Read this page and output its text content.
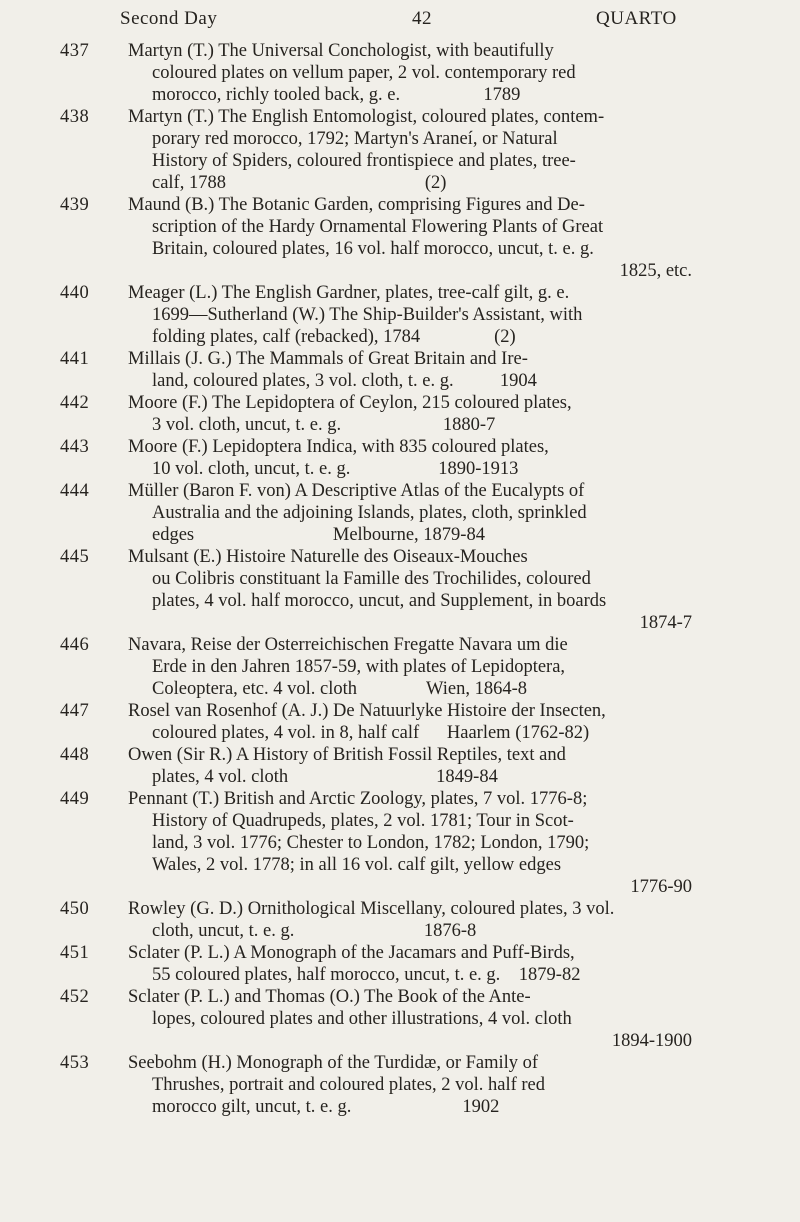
Second Day	42	QUARTO
437	Martyn (T.) The Universal Conchologist, with beautifully
coloured plates on vellum paper, 2 vol. contemporary red
morocco, richly tooled back, g. e.                  1789
438	Martyn (T.) The English Entomologist, coloured plates, contem-
porary red morocco, 1792; Martyn's Araneí, or Natural
History of Spiders, coloured frontispiece and plates, tree-
calf, 1788                                           (2)
439	Maund (B.) The Botanic Garden, comprising Figures and De-
scription of the Hardy Ornamental Flowering Plants of Great
Britain, coloured plates, 16 vol. half morocco, uncut, t. e. g.
1825, etc.
440	Meager (L.) The English Gardner, plates, tree-calf gilt, g. e.
1699—Sutherland (W.) The Ship-Builder's Assistant, with
folding plates, calf (rebacked), 1784                (2)
441	Millais (J. G.) The Mammals of Great Britain and Ire-
land, coloured plates, 3 vol. cloth, t. e. g.          1904
442	Moore (F.) The Lepidoptera of Ceylon, 215 coloured plates,
3 vol. cloth, uncut, t. e. g.                      1880-7
443	Moore (F.) Lepidoptera Indica, with 835 coloured plates,
10 vol. cloth, uncut, t. e. g.                   1890-1913
444	Müller (Baron F. von) A Descriptive Atlas of the Eucalypts of
Australia and the adjoining Islands, plates, cloth, sprinkled
edges                              Melbourne, 1879-84
445	Mulsant (E.) Histoire Naturelle des Oiseaux-Mouches
ou Colibris constituant la Famille des Trochilides, coloured
plates, 4 vol. half morocco, uncut, and Supplement, in boards
1874-7
446	Navara, Reise der Osterreichischen Fregatte Navara um die
Erde in den Jahren 1857-59, with plates of Lepidoptera,
Coleoptera, etc. 4 vol. cloth               Wien, 1864-8
447	Rosel van Rosenhof (A. J.) De Natuurlyke Histoire der Insecten,
coloured plates, 4 vol. in 8, half calf      Haarlem (1762-82)
448	Owen (Sir R.) A History of British Fossil Reptiles, text and
plates, 4 vol. cloth                                1849-84
449	Pennant (T.) British and Arctic Zoology, plates, 7 vol. 1776-8;
History of Quadrupeds, plates, 2 vol. 1781; Tour in Scot-
land, 3 vol. 1776; Chester to London, 1782; London, 1790;
Wales, 2 vol. 1778; in all 16 vol. calf gilt, yellow edges
1776-90
450	Rowley (G. D.) Ornithological Miscellany, coloured plates, 3 vol.
cloth, uncut, t. e. g.                            1876-8
451	Sclater (P. L.) A Monograph of the Jacamars and Puff-Birds,
55 coloured plates, half morocco, uncut, t. e. g.    1879-82
452	Sclater (P. L.) and Thomas (O.) The Book of the Ante-
lopes, coloured plates and other illustrations, 4 vol. cloth
1894-1900
453	Seebohm (H.) Monograph of the Turdidæ, or Family of
Thrushes, portrait and coloured plates, 2 vol. half red
morocco gilt, uncut, t. e. g.                        1902
